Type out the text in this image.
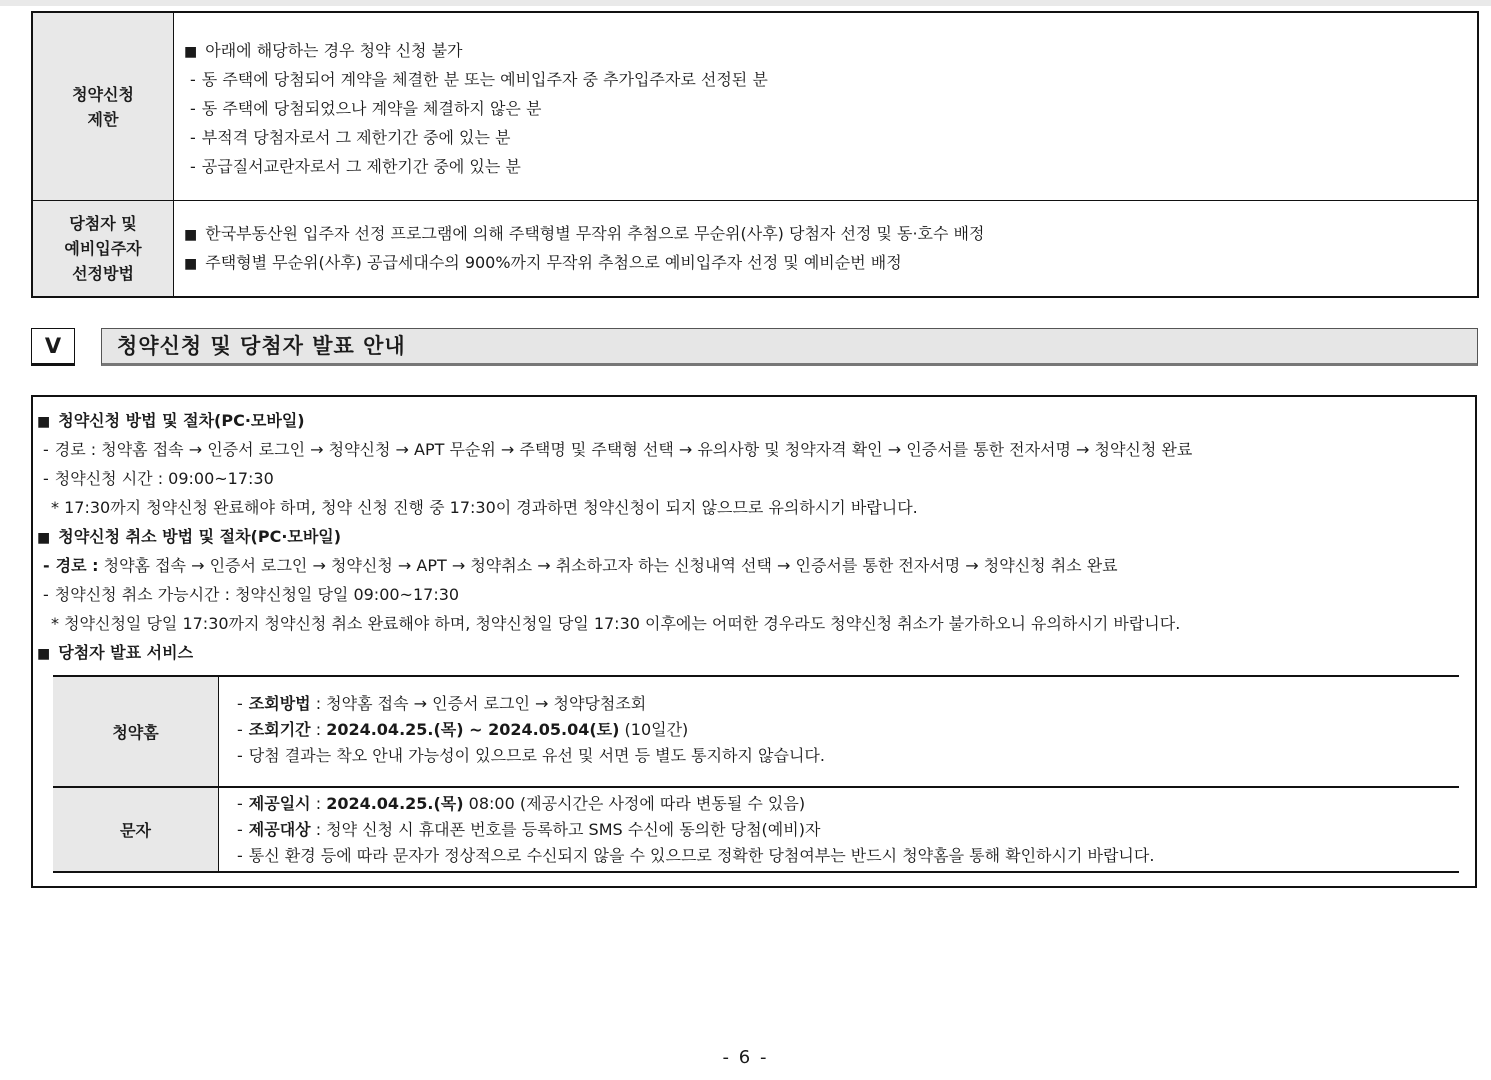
청약신청
제한
■ 아래에 해당하는 경우 청약 신청 불가
- 동 주택에 당첨되어 계약을 체결한 분 또는 예비입주자 중 추가입주자로 선정된 분
- 동 주택에 당첨되었으나 계약을 체결하지 않은 분
- 부적격 당첨자로서 그 제한기간 중에 있는 분
- 공급질서교란자로서 그 제한기간 중에 있는 분
당첨자 및
예비입주자
선정방법
■ 한국부동산원 입주자 선정 프로그램에 의해 주택형별 무작위 추첨으로 무순위(사후) 당첨자 선정 및 동·호수 배정
■ 주택형별 무순위(사후) 공급세대수의 900%까지 무작위 추첨으로 예비입주자 선정 및 예비순번 배정
V	청약신청 및 당첨자 발표 안내
■ 청약신청 방법 및 절차(PC·모바일)
- 경로 : 청약홈 접속 → 인증서 로그인 → 청약신청 → APT 무순위 → 주택명 및 주택형 선택 → 유의사항 및 청약자격 확인 → 인증서를 통한 전자서명 → 청약신청 완료
- 청약신청 시간 : 09:00~17:30
* 17:30까지 청약신청 완료해야 하며, 청약 신청 진행 중 17:30이 경과하면 청약신청이 되지 않으므로 유의하시기 바랍니다.
■ 청약신청 취소 방법 및 절차(PC·모바일)
- 경로 : 청약홈 접속 → 인증서 로그인 → 청약신청 → APT → 청약취소 → 취소하고자 하는 신청내역 선택 → 인증서를 통한 전자서명 → 청약신청 취소 완료
- 청약신청 취소 가능시간 : 청약신청일 당일 09:00~17:30
* 청약신청일 당일 17:30까지 청약신청 취소 완료해야 하며, 청약신청일 당일 17:30 이후에는 어떠한 경우라도 청약신청 취소가 불가하오니 유의하시기 바랍니다.
■ 당첨자 발표 서비스
청약홈
- 조회방법 : 청약홈 접속 → 인증서 로그인 → 청약당첨조회
- 조회기간 : 2024.04.25.(목) ~ 2024.05.04(토) (10일간)
- 당첨 결과는 착오 안내 가능성이 있으므로 유선 및 서면 등 별도 통지하지 않습니다.
문자
- 제공일시 : 2024.04.25.(목) 08:00 (제공시간은 사정에 따라 변동될 수 있음)
- 제공대상 : 청약 신청 시 휴대폰 번호를 등록하고 SMS 수신에 동의한 당첨(예비)자
- 통신 환경 등에 따라 문자가 정상적으로 수신되지 않을 수 있으므로 정확한 당첨여부는 반드시 청약홈을 통해 확인하시기 바랍니다.
- 6 -
